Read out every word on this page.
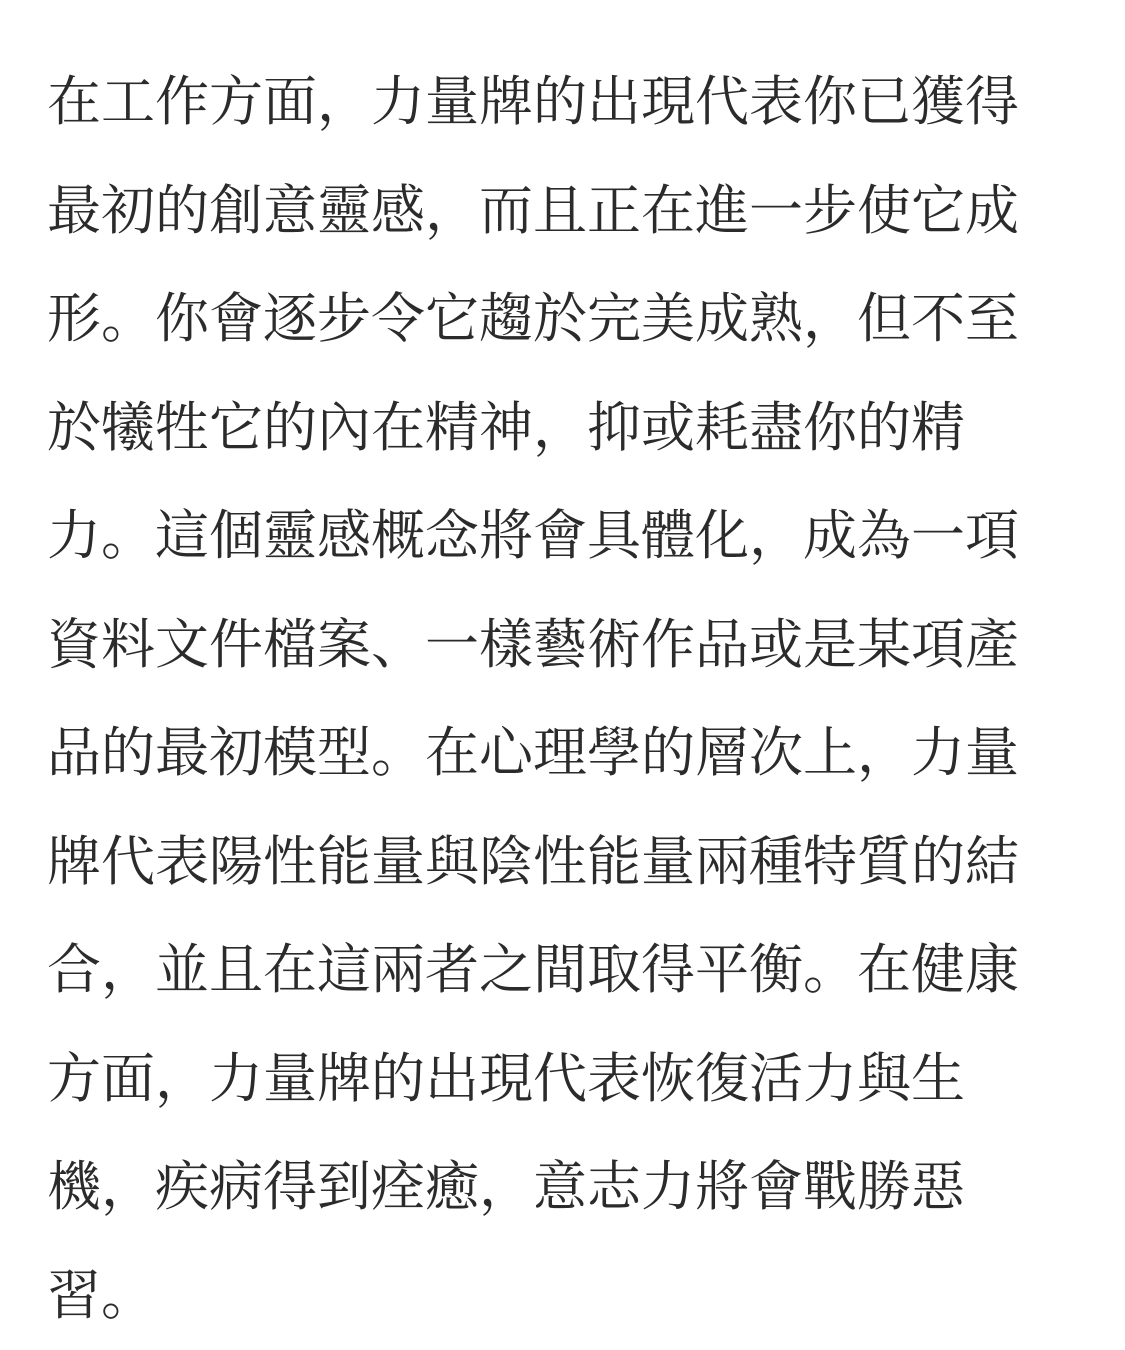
在工作方面，力量牌的出現代表你已獲得
最初的創意靈感，而且正在進一步使它成
形。你會逐步令它趨於完美成熟，但不至
於犧牲它的內在精神，抑或耗盡你的精
力。這個靈感概念將會具體化，成為一項
資料文件檔案、一樣藝術作品或是某項產
品的最初模型。在心理學的層次上，力量
牌代表陽性能量與陰性能量兩種特質的結
合，並且在這兩者之間取得平衡。在健康
方面，力量牌的出現代表恢復活力與生
機，疾病得到痊癒，意志力將會戰勝惡
習。
